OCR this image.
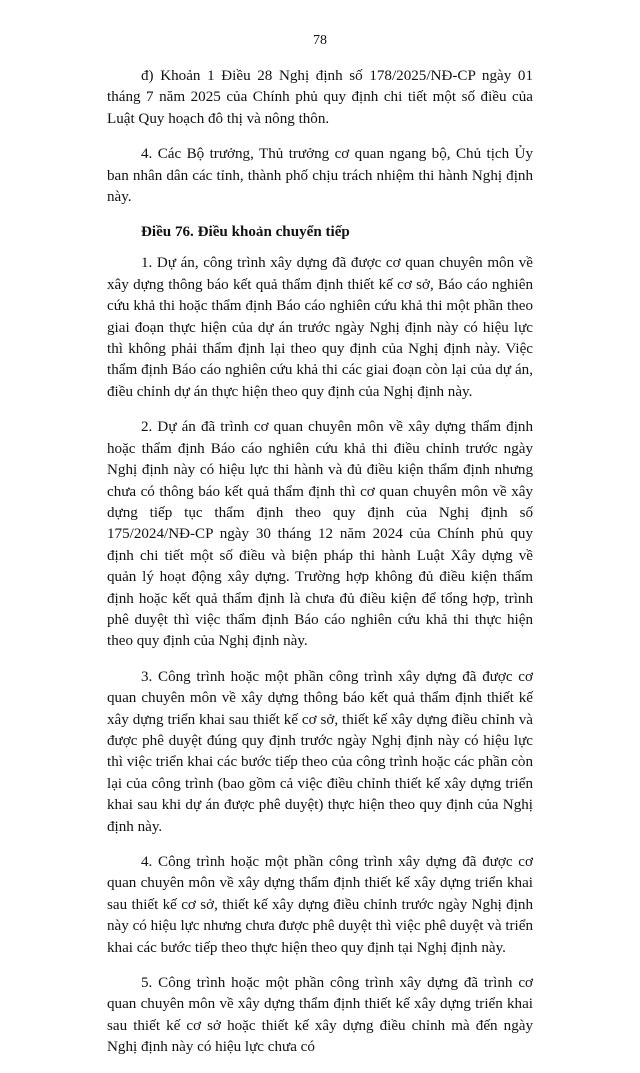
78

đ) Khoản 1 Điều 28 Nghị định số 178/2025/NĐ-CP ngày 01 tháng 7 năm 2025 của Chính phủ quy định chi tiết một số điều của Luật Quy hoạch đô thị và nông thôn.

4. Các Bộ trưởng, Thủ trưởng cơ quan ngang bộ, Chủ tịch Ủy ban nhân dân các tỉnh, thành phố chịu trách nhiệm thi hành Nghị định này.

Điều 76. Điều khoản chuyển tiếp

1. Dự án, công trình xây dựng đã được cơ quan chuyên môn về xây dựng thông báo kết quả thẩm định thiết kế cơ sở, Báo cáo nghiên cứu khả thi hoặc thẩm định Báo cáo nghiên cứu khả thi một phần theo giai đoạn thực hiện của dự án trước ngày Nghị định này có hiệu lực thì không phải thẩm định lại theo quy định của Nghị định này. Việc thẩm định Báo cáo nghiên cứu khả thi các giai đoạn còn lại của dự án, điều chỉnh dự án thực hiện theo quy định của Nghị định này.

2. Dự án đã trình cơ quan chuyên môn về xây dựng thẩm định hoặc thẩm định Báo cáo nghiên cứu khả thi điều chỉnh trước ngày Nghị định này có hiệu lực thi hành và đủ điều kiện thẩm định nhưng chưa có thông báo kết quả thẩm định thì cơ quan chuyên môn về xây dựng tiếp tục thẩm định theo quy định của Nghị định số 175/2024/NĐ-CP ngày 30 tháng 12 năm 2024 của Chính phủ quy định chi tiết một số điều và biện pháp thi hành Luật Xây dựng về quản lý hoạt động xây dựng. Trường hợp không đủ điều kiện thẩm định hoặc kết quả thẩm định là chưa đủ điều kiện để tổng hợp, trình phê duyệt thì việc thẩm định Báo cáo nghiên cứu khả thi thực hiện theo quy định của Nghị định này.

3. Công trình hoặc một phần công trình xây dựng đã được cơ quan chuyên môn về xây dựng thông báo kết quả thẩm định thiết kế xây dựng triển khai sau thiết kế cơ sở, thiết kế xây dựng điều chỉnh và được phê duyệt đúng quy định trước ngày Nghị định này có hiệu lực thì việc triển khai các bước tiếp theo của công trình hoặc các phần còn lại của công trình (bao gồm cả việc điều chỉnh thiết kế xây dựng triển khai sau khi dự án được phê duyệt) thực hiện theo quy định của Nghị định này.

4. Công trình hoặc một phần công trình xây dựng đã được cơ quan chuyên môn về xây dựng thẩm định thiết kế xây dựng triển khai sau thiết kế cơ sở, thiết kế xây dựng điều chỉnh trước ngày Nghị định này có hiệu lực nhưng chưa được phê duyệt thì việc phê duyệt và triển khai các bước tiếp theo thực hiện theo quy định tại Nghị định này.

5. Công trình hoặc một phần công trình xây dựng đã trình cơ quan chuyên môn về xây dựng thẩm định thiết kế xây dựng triển khai sau thiết kế cơ sở hoặc thiết kế xây dựng điều chỉnh mà đến ngày Nghị định này có hiệu lực chưa có
